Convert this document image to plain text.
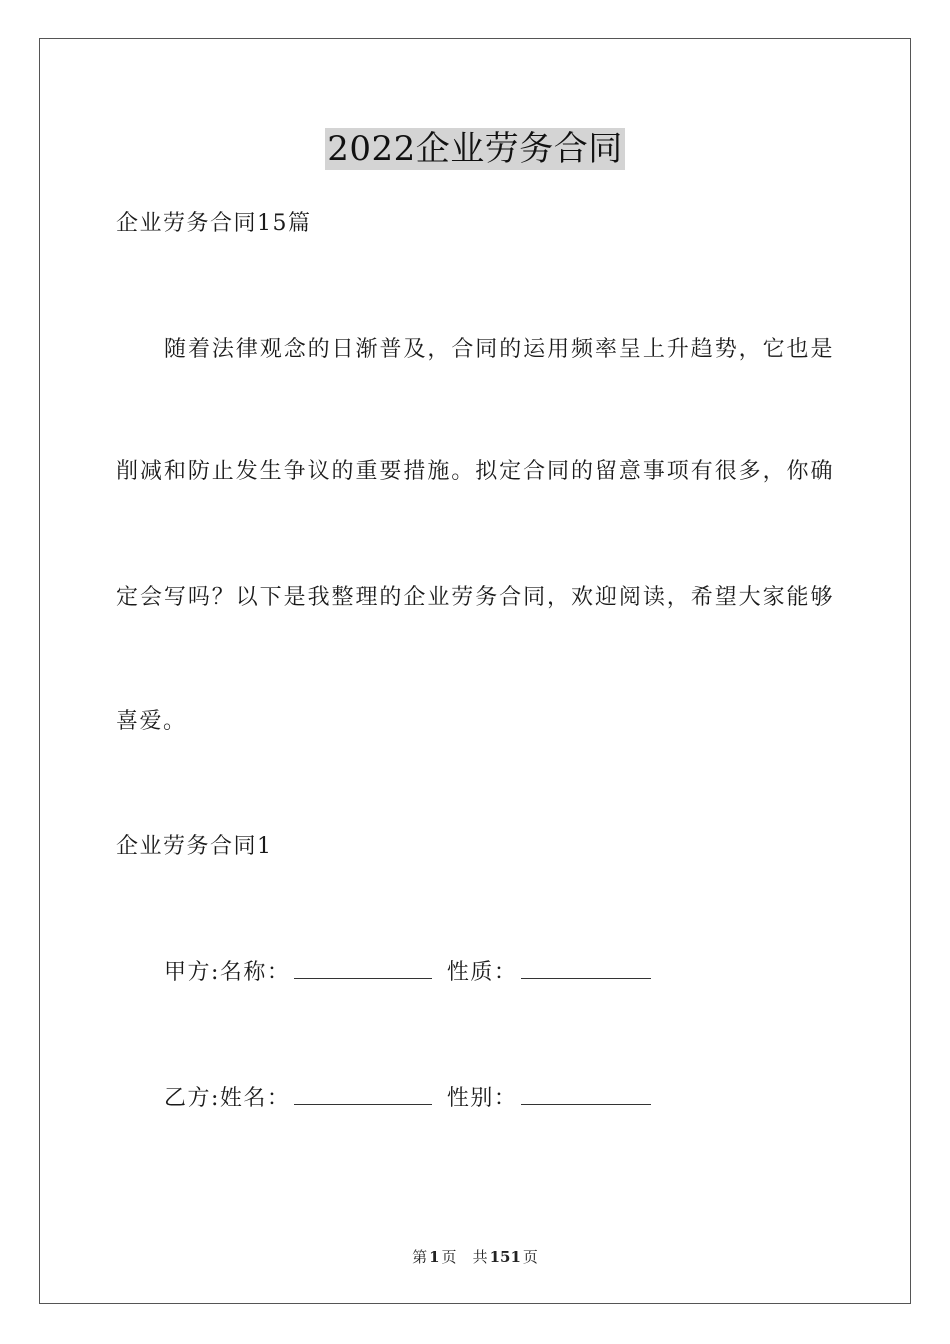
2022企业劳务合同
企业劳务合同15篇
随着法律观念的日渐普及，合同的运用频率呈上升趋势，它也是
削减和防止发生争议的重要措施。拟定合同的留意事项有很多，你确
定会写吗？以下是我整理的企业劳务合同，欢迎阅读，希望大家能够
喜爱。
企业劳务合同1
甲方:名称：	性质：
乙方:姓名：	性别：
第 1 页 共 151 页
